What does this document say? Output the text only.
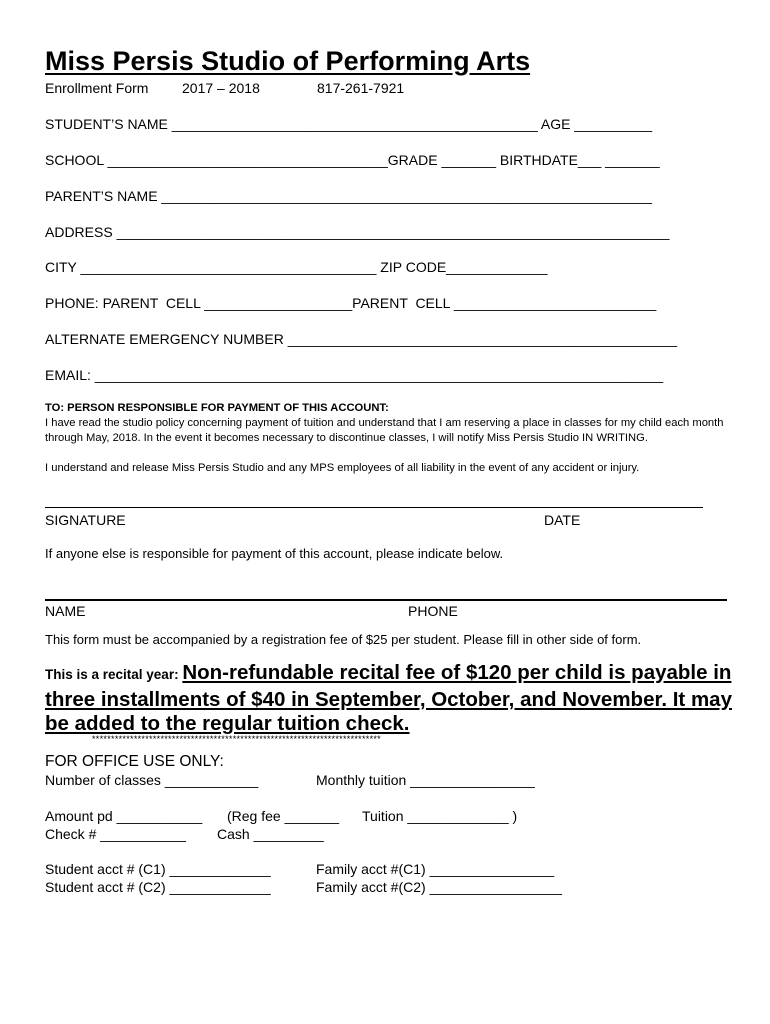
Miss Persis Studio of Performing Arts
Enrollment Form 2017 – 2018	817-261-7921
STUDENT’S NAME _______________________________________________ AGE __________
SCHOOL ____________________________________GRADE _______ BIRTHDATE___ _______
PARENT’S NAME _______________________________________________________________
ADDRESS _______________________________________________________________________
CITY ______________________________________ ZIP CODE_____________
PHONE: PARENT  CELL ___________________PARENT  CELL __________________________
ALTERNATE EMERGENCY NUMBER __________________________________________________
EMAIL: _________________________________________________________________________
TO: PERSON RESPONSIBLE FOR PAYMENT OF THIS ACCOUNT:
I have read the studio policy concerning payment of tuition and understand that I am reserving a place in classes for my child each month through May, 2018. In the event it becomes necessary to discontinue classes, I will notify Miss Persis Studio IN WRITING.
I understand and release Miss Persis Studio and any MPS employees of all liability in the event of any accident or injury.
SIGNATURE	DATE
If anyone else is responsible for payment of this account, please indicate below.
NAME	PHONE
This form must be accompanied by a registration fee of $25 per student. Please fill in other side of form.
This is a recital year: Non-refundable recital fee of $120 per child is payable in three installments of $40 in September, October, and November. It may be added to the regular tuition check.
****************************************************************************
FOR OFFICE USE ONLY:
Number of classes ____________	Monthly tuition ________________
Amount pd ___________ (Reg fee _______ Tuition _____________ )
Check # ___________ Cash _________
Student acct # (C1) _____________	Family acct #(C1) ________________
Student acct # (C2) _____________	Family acct #(C2) _________________
